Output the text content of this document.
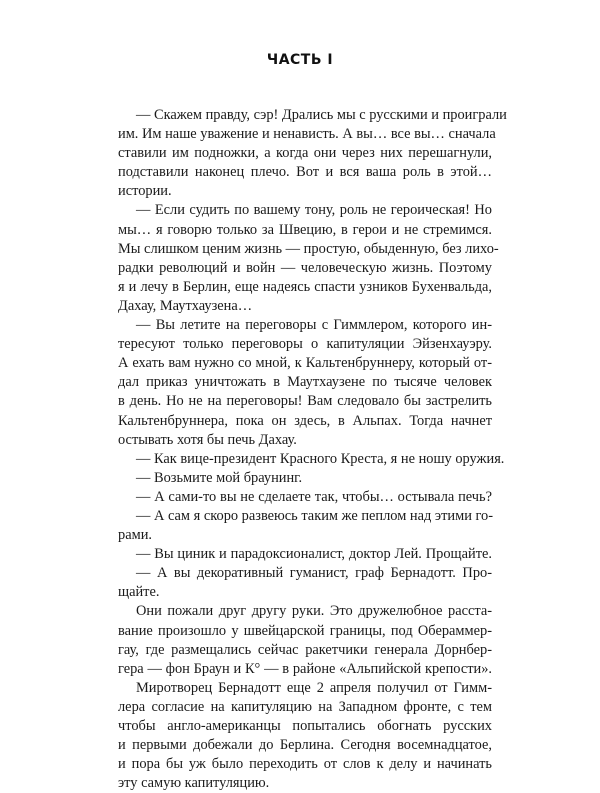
ЧАСТЬ I
— Скажем правду, сэр! Дрались мы с русскими и проиграли
им. Им наше уважение и ненависть. А вы… все вы… сначала
ставили им подножки, а когда они через них перешагнули,
подставили наконец плечо. Вот и вся ваша роль в этой…
истории.
— Если судить по вашему тону, роль не героическая! Но
мы… я говорю только за Швецию, в герои и не стремимся.
Мы слишком ценим жизнь — простую, обыденную, без лихо-
радки революций и войн — человеческую жизнь. Поэтому
я и лечу в Берлин, еще надеясь спасти узников Бухенвальда,
Дахау, Маутхаузена…
— Вы летите на переговоры с Гиммлером, которого ин-
тересуют только переговоры о капитуляции Эйзенхауэру.
А ехать вам нужно со мной, к Кальтенбруннеру, который от-
дал приказ уничтожать в Маутхаузене по тысяче человек
в день. Но не на переговоры! Вам следовало бы застрелить
Кальтенбруннера, пока он здесь, в Альпах. Тогда начнет
остывать хотя бы печь Дахау.
— Как вице-президент Красного Креста, я не ношу оружия.
— Возьмите мой браунинг.
— А сами-то вы не сделаете так, чтобы… остывала печь?
— А сам я скоро развеюсь таким же пеплом над этими го-
рами.
— Вы циник и парадоксионалист, доктор Лей. Прощайте.
— А вы декоративный гуманист, граф Бернадотт. Про-
щайте.
Они пожали друг другу руки. Это дружелюбное расста-
вание произошло у швейцарской границы, под Обераммер-
гау, где размещались сейчас ракетчики генерала Дорнбер-
гера — фон Браун и К° — в районе «Альпийской крепости».
Миротворец Бернадотт еще 2 апреля получил от Гимм-
лера согласие на капитуляцию на Западном фронте, с тем
чтобы англо-американцы попытались обогнать русских
и первыми добежали до Берлина. Сегодня восемнадцатое,
и пора бы уж было переходить от слов к делу и начинать
эту самую капитуляцию.
